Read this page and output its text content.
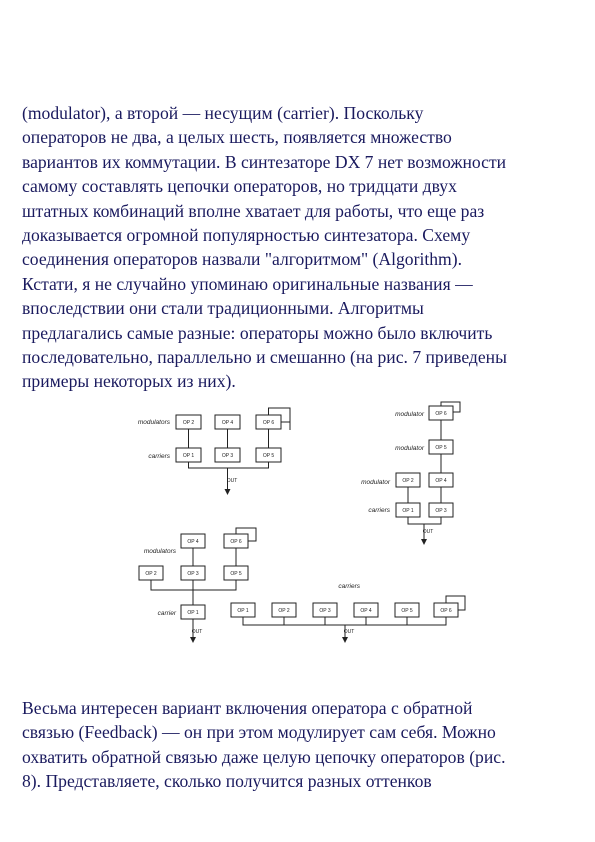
(modulator), а второй — несущим (carrier). Поскольку
операторов не два, а целых шесть, появляется множество
вариантов их коммутации. В синтезаторе DX 7 нет возможности
самому составлять цепочки операторов, но тридцати двух
штатных комбинаций вполне хватает для работы, что еще раз
доказывается огромной популярностью синтезатора. Схему
соединения операторов назвали "алгоритмом" (Algorithm).
Кстати, я не случайно упоминаю оригинальные названия —
впоследствии они стали традиционными. Алгоритмы
предлагались самые разные: операторы можно было включить
последовательно, параллельно и смешанно (на рис. 7 приведены
примеры некоторых из них).
modulators
carriers
OP 2	OP 4	OP 6
OP 1	OP 3	OP 5
OUT
modulator
modulator
modulator
carriers
OP 6
OP 5
OP 2	OP 4
OP 1	OP 3
OUT
modulators
carrier
OP 4	OP 6
OP 2	OP 3	OP 5
OP 1
OUT
carriers
OP 1	OP 2	OP 3	OP 4	OP 5	OP 6
OUT
Весьма интересен вариант включения оператора с обратной
связью (Feedback) — он при этом модулирует сам себя. Можно
охватить обратной связью даже целую цепочку операторов (рис.
8). Представляете, сколько получится разных оттенков
